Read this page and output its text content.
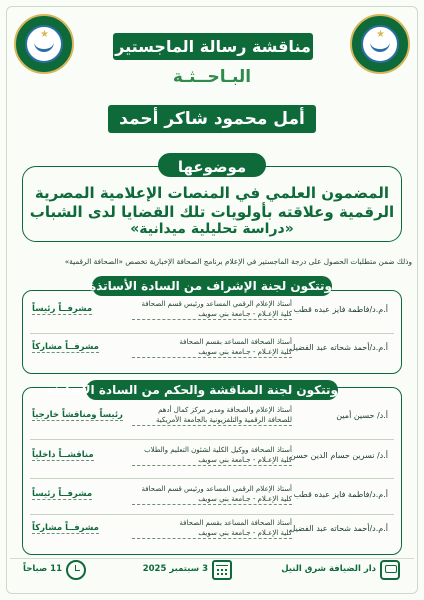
★	★
مناقشة رسالة الماجستير
البـاحــثـة
أمل محمود شاكر أحمد
موضوعها
المضمون العلمي في المنصات الإعلامية المصرية
الرقمية وعلاقته بأولويات تلك القضايا لدى الشباب
«دراسة تحليلية ميدانية»
وذلك ضمن متطلبات الحصول على درجة الماجستير في الإعلام برنامج الصحافة الإخبارية تخصص «الصحافة الرقمية»
وتتكون لجنة الإشراف من السادة الأساتذة
أ.م.د/فاطمة فايز عبده قطب
أستاذ الإعلام الرقمي المساعد ورئيس قسم الصحافة
كلية الإعـلام - جـامعة بني سويف
مشرفــاً رئيساً
أ.م.د/أحمد شحاته عبد الفضيل
أستاذ الصحافة المساعد بقسم الصحافة
كلية الإعـلام - جـامعة بني سويف
مشرفــاً مشاركاً
وتتكون لجنة المناقشة والحكم من السادة الأساتذة
أ.د/ حسين أمين
أستاذ الإعلام والصحافة ومدير مركز كمال أدهم
للصحافة الرقمية والتلفزيونية بالجامعة الأمريكية
رئيساً ومناقشاً خارجياً
أ.د/ نسرين حسام الدين حسن
أستاذ الصحافة ووكيل الكلية لشئون التعليم والطلاب
كلية الإعـلام - جـامعة بني سويف
مناقشــاً داخلياً
أ.م.د/فاطمة فايز عبده قطب
أستاذ الإعلام الرقمي المساعد ورئيس قسم الصحافة
كلية الإعـلام - جـامعة بني سويف
مشرفــاً رئيساً
أ.م.د/أحمد شحاته عبد الفضيل
أستاذ الصحافة المساعد بقسم الصحافة
كلية الإعـلام - جـامعة بني سويف
مشرفــاً مشاركاً
دار الضيافة شرق النيل
3 سبتمبر 2025
11 صباحاً
